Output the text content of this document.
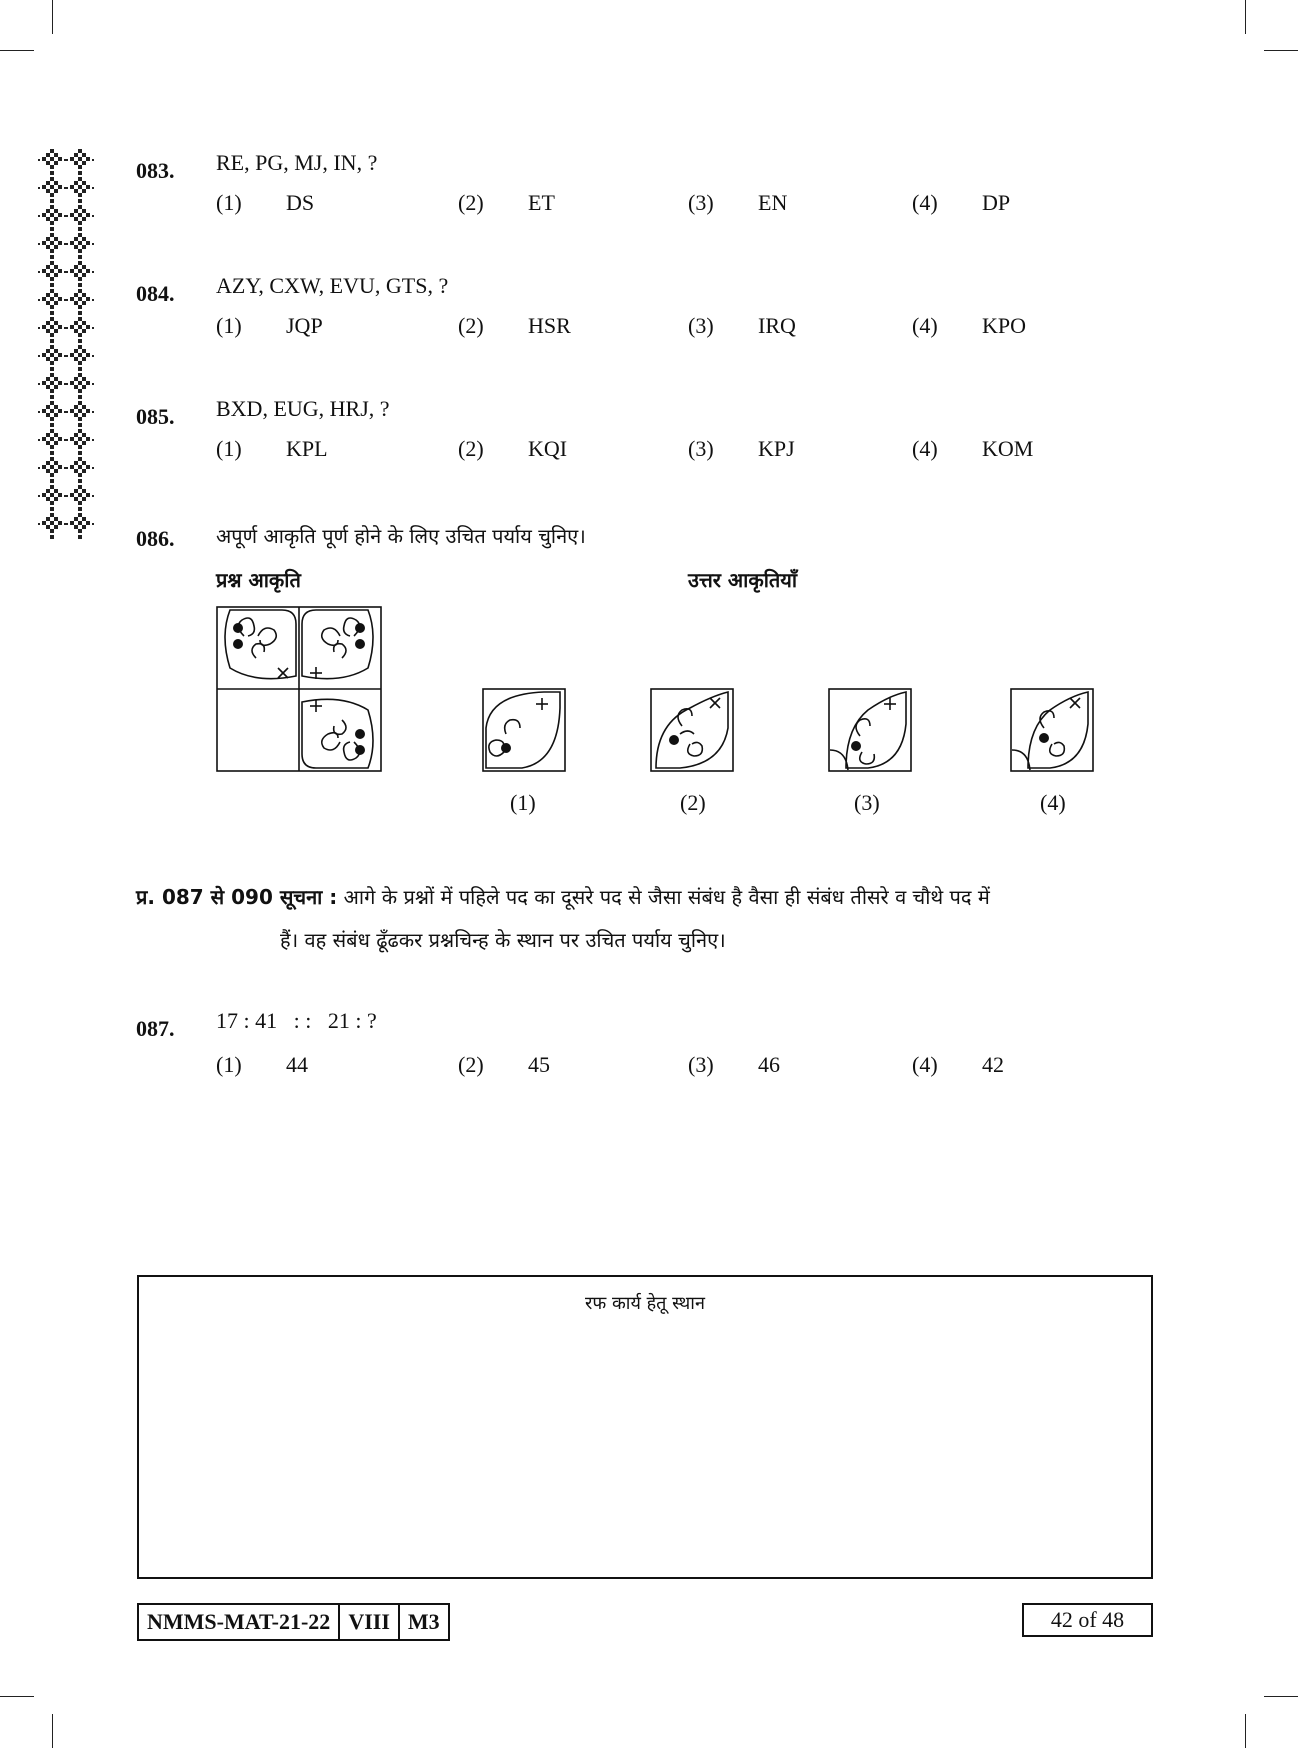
083. RE, PG, MJ, IN, ?
(1) DS	(2) ET	(3) EN	(4) DP
084. AZY, CXW, EVU, GTS, ?
(1) JQP	(2) HSR	(3) IRQ	(4) KPO
085. BXD, EUG, HRJ, ?
(1) KPL	(2) KQI	(3) KPJ	(4) KOM
086. अपूर्ण आकृति पूर्ण होने के लिए उचित पर्याय चुनिए।
प्रश्न आकृति	उत्तर आकृतियाँ
(1)	(2)	(3)	(4)
प्र. 087 से 090 सूचना : आगे के प्रश्नों में पहिले पद का दूसरे पद से जैसा संबंध है वैसा ही संबंध तीसरे व चौथे पद में
हैं। वह संबंध ढूँढकर प्रश्नचिन्ह के स्थान पर उचित पर्याय चुनिए।
087. 17 : 41   : :   21 : ?
(1) 44	(2) 45	(3) 46	(4) 42
रफ कार्य हेतू स्थान
NMMS-MAT-21-22 VIII M3	42 of 48
